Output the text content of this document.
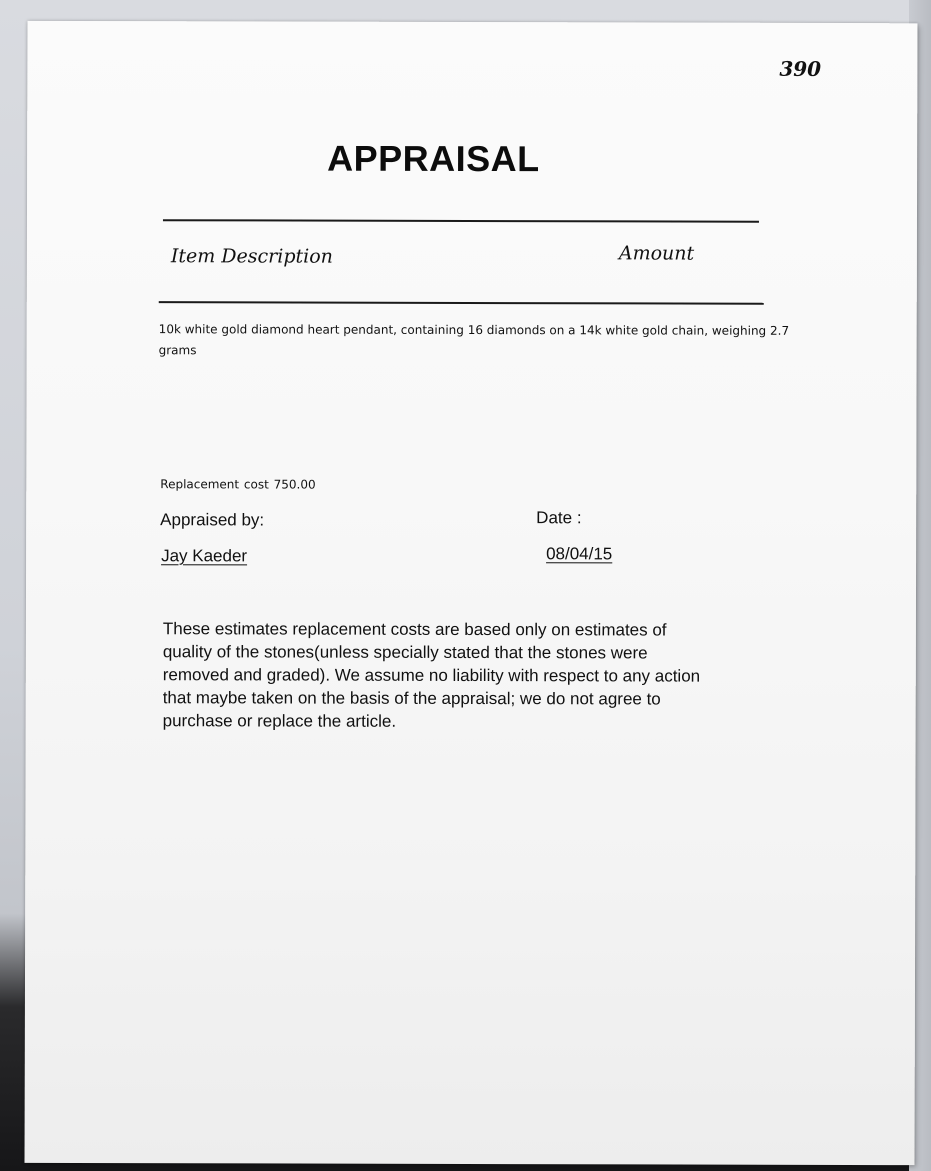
390
APPRAISAL
Item Description	Amount
10k white gold diamond heart pendant, containing 16 diamonds on a 14k white gold chain, weighing 2.7 grams
Replacement cost 750.00
Appraised by:	Date :
Jay Kaeder	08/04/15
These estimates replacement costs are based only on estimates of
quality of the stones(unless specially stated that the stones were
removed and graded). We assume no liability with respect to any action
that maybe taken on the basis of the appraisal; we do not agree to
purchase or replace the article.
